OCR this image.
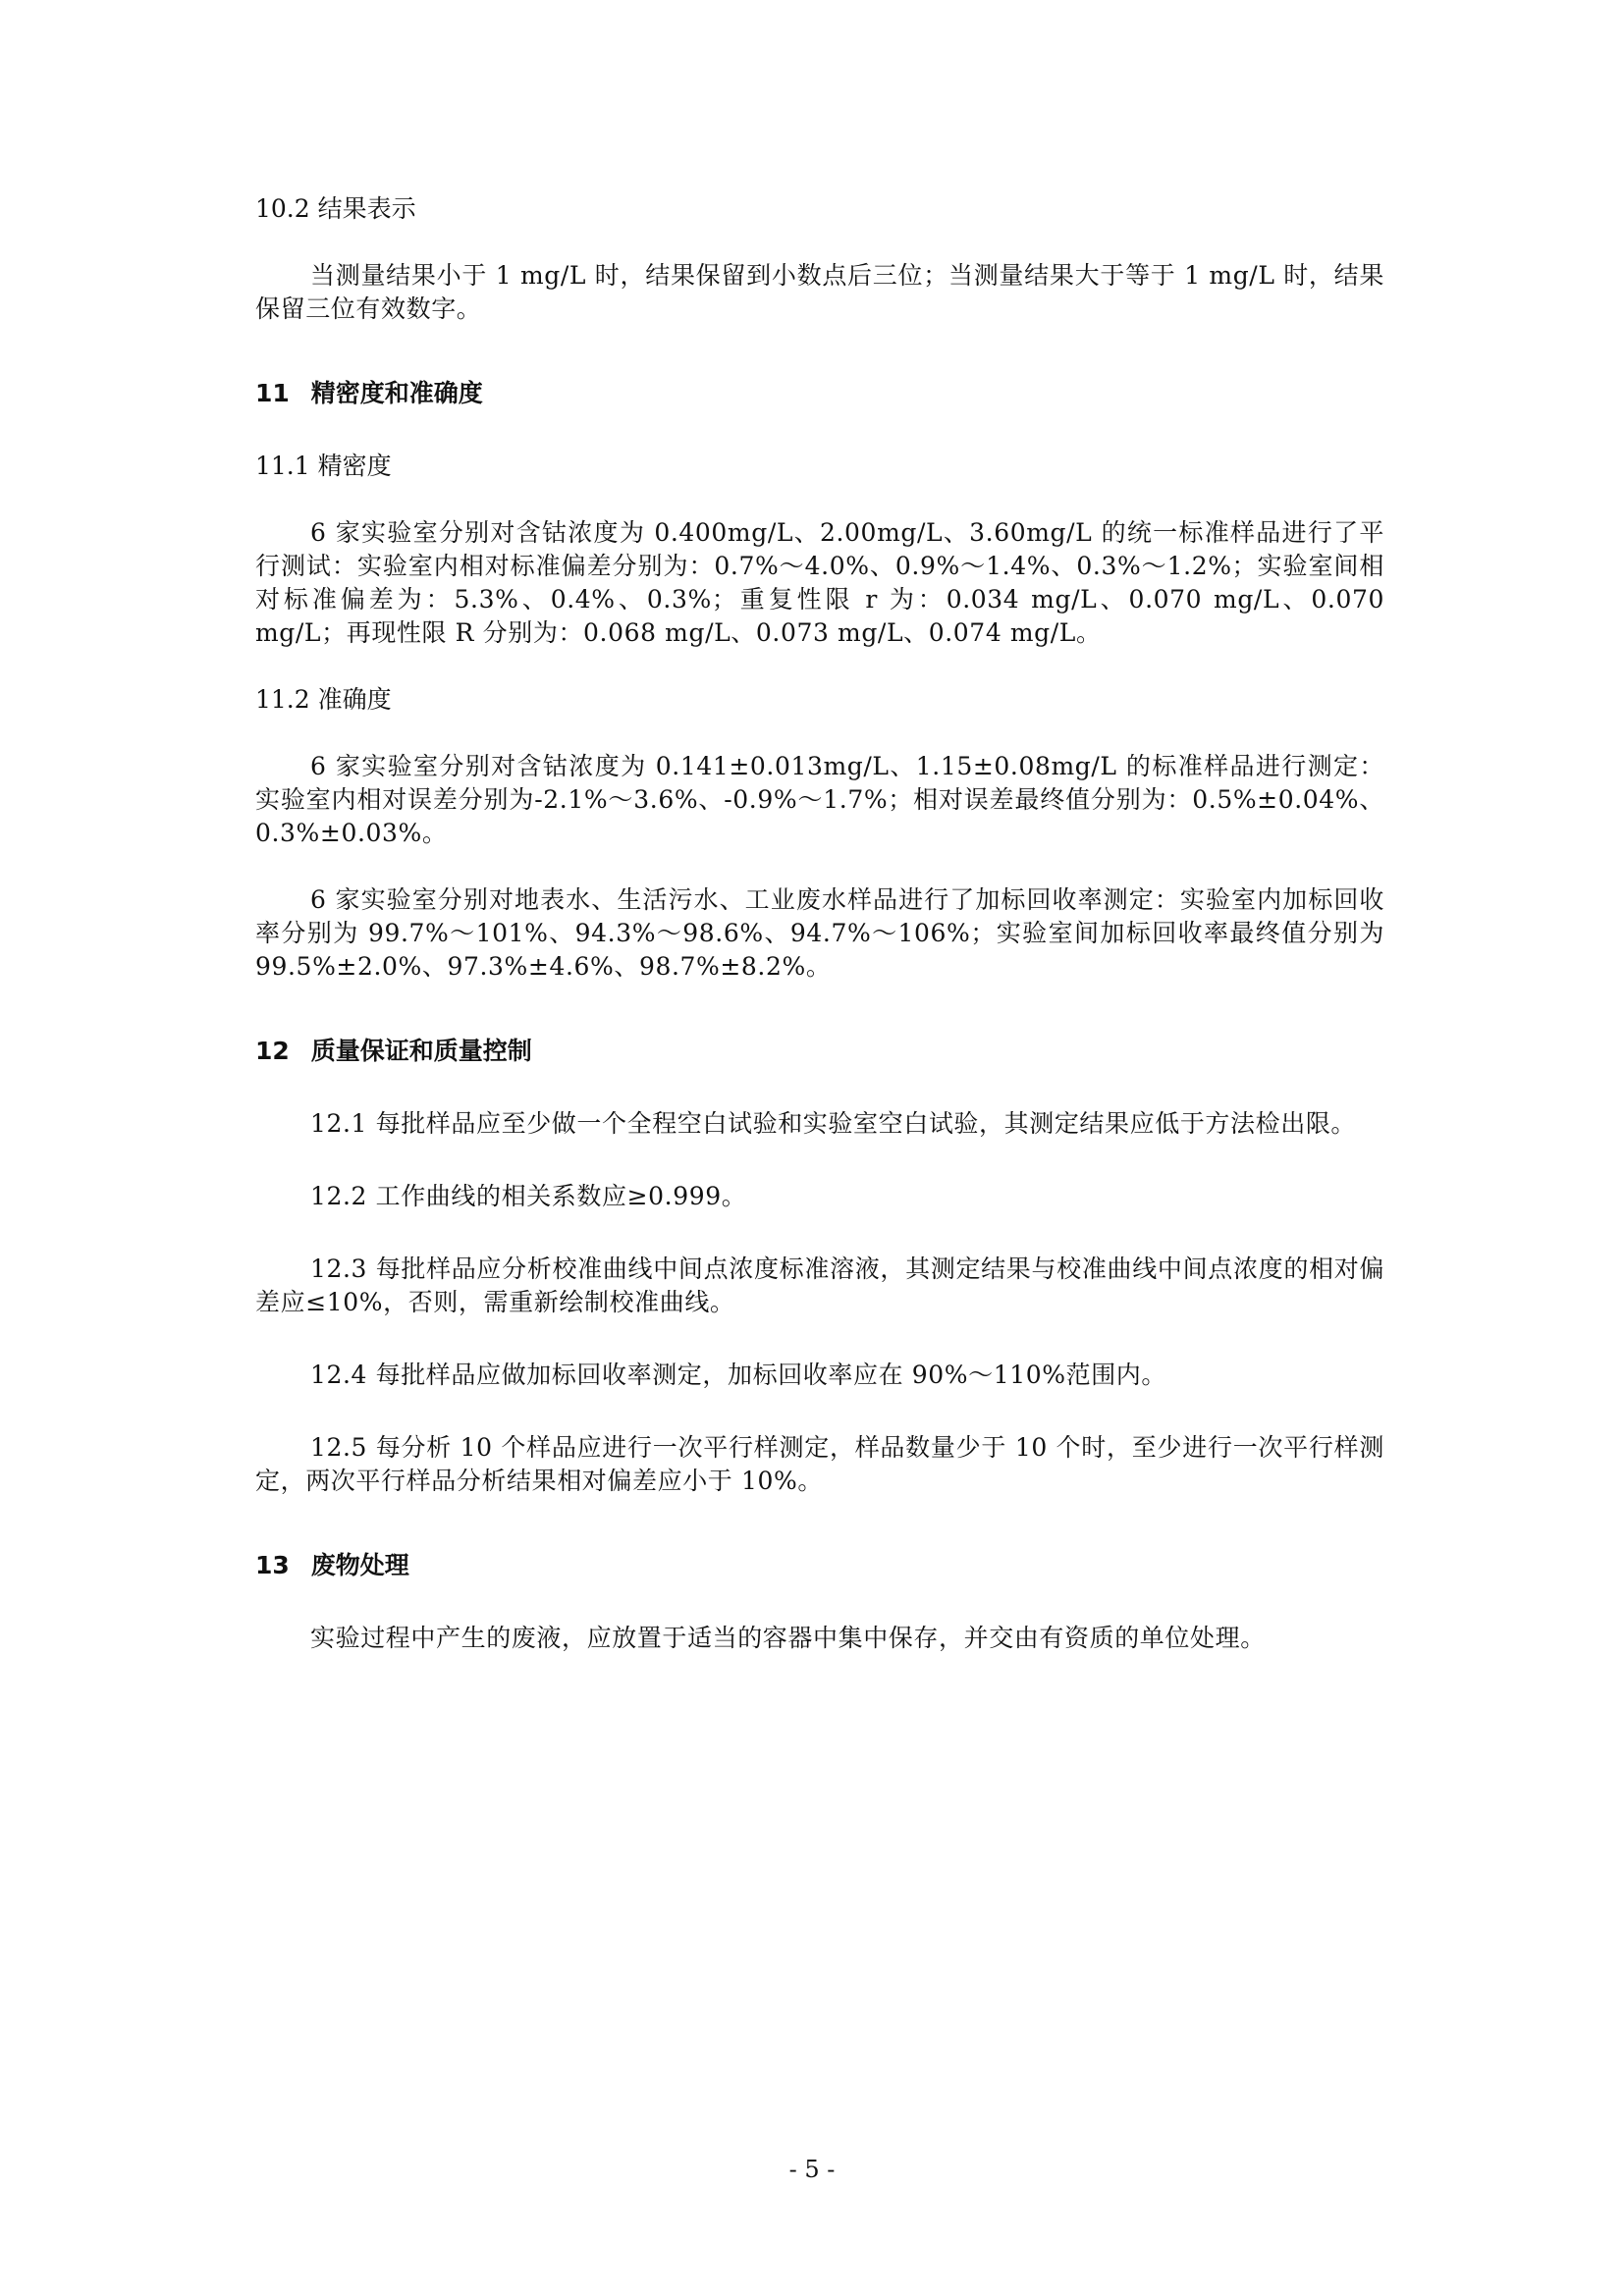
10.2 结果表示

当测量结果小于 1 mg/L 时，结果保留到小数点后三位；当测量结果大于等于 1 mg/L 时，结果保留三位有效数字。

11 精密度和准确度

11.1 精密度

6 家实验室分别对含钴浓度为 0.400mg/L、2.00mg/L、3.60mg/L 的统一标准样品进行了平行测试：实验室内相对标准偏差分别为：0.7%～4.0%、0.9%～1.4%、0.3%～1.2%；实验室间相对标准偏差为：5.3%、0.4%、0.3%；重复性限 r 为：0.034 mg/L、0.070 mg/L、0.070 mg/L；再现性限 R 分别为：0.068 mg/L、0.073 mg/L、0.074 mg/L。

11.2 准确度

6 家实验室分别对含钴浓度为 0.141±0.013mg/L、1.15±0.08mg/L 的标准样品进行测定：实验室内相对误差分别为-2.1%～3.6%、-0.9%～1.7%；相对误差最终值分别为：0.5%±0.04%、0.3%±0.03%。

6 家实验室分别对地表水、生活污水、工业废水样品进行了加标回收率测定：实验室内加标回收率分别为 99.7%～101%、94.3%～98.6%、94.7%～106%；实验室间加标回收率最终值分别为 99.5%±2.0%、97.3%±4.6%、98.7%±8.2%。

12 质量保证和质量控制

12.1 每批样品应至少做一个全程空白试验和实验室空白试验，其测定结果应低于方法检出限。

12.2 工作曲线的相关系数应≥0.999。

12.3 每批样品应分析校准曲线中间点浓度标准溶液，其测定结果与校准曲线中间点浓度的相对偏差应≤10%，否则，需重新绘制校准曲线。

12.4 每批样品应做加标回收率测定，加标回收率应在 90%～110%范围内。

12.5 每分析 10 个样品应进行一次平行样测定，样品数量少于 10 个时，至少进行一次平行样测定，两次平行样品分析结果相对偏差应小于 10%。

13 废物处理

实验过程中产生的废液，应放置于适当的容器中集中保存，并交由有资质的单位处理。

- 5 -
